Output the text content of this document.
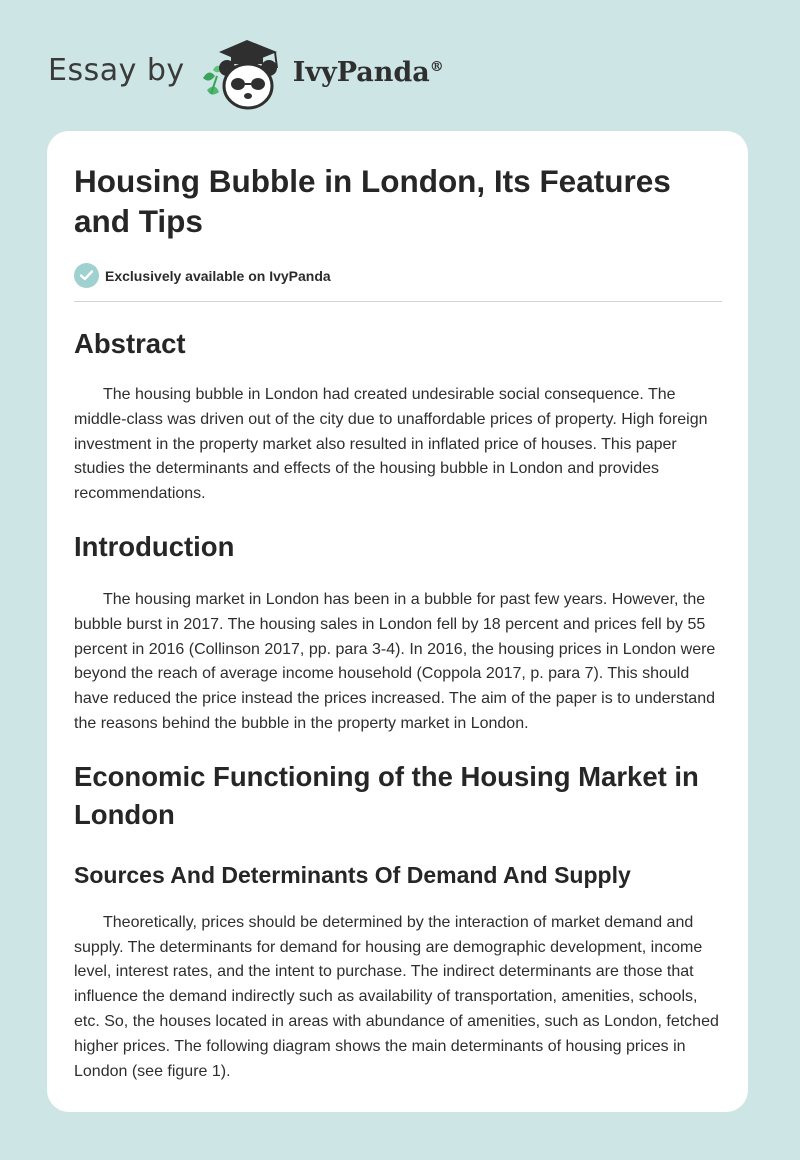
Essay by	IvyPanda®
Housing Bubble in London, Its Features and Tips
Exclusively available on IvyPanda
Abstract

The housing bubble in London had created undesirable social consequence. The middle-class was driven out of the city due to unaffordable prices of property. High foreign investment in the property market also resulted in inflated price of houses. This paper studies the determinants and effects of the housing bubble in London and provides recommendations.

Introduction

The housing market in London has been in a bubble for past few years. However, the bubble burst in 2017. The housing sales in London fell by 18 percent and prices fell by 55 percent in 2016 (Collinson 2017, pp. para 3-4). In 2016, the housing prices in London were beyond the reach of average income household (Coppola 2017, p. para 7). This should have reduced the price instead the prices increased. The aim of the paper is to understand the reasons behind the bubble in the property market in London.

Economic Functioning of the Housing Market in London
Sources And Determinants Of Demand And Supply

Theoretically, prices should be determined by the interaction of market demand and supply. The determinants for demand for housing are demographic development, income level, interest rates, and the intent to purchase. The indirect determinants are those that influence the demand indirectly such as availability of transportation, amenities, schools, etc. So, the houses located in areas with abundance of amenities, such as London, fetched higher prices. The following diagram shows the main determinants of housing prices in London (see figure 1).
